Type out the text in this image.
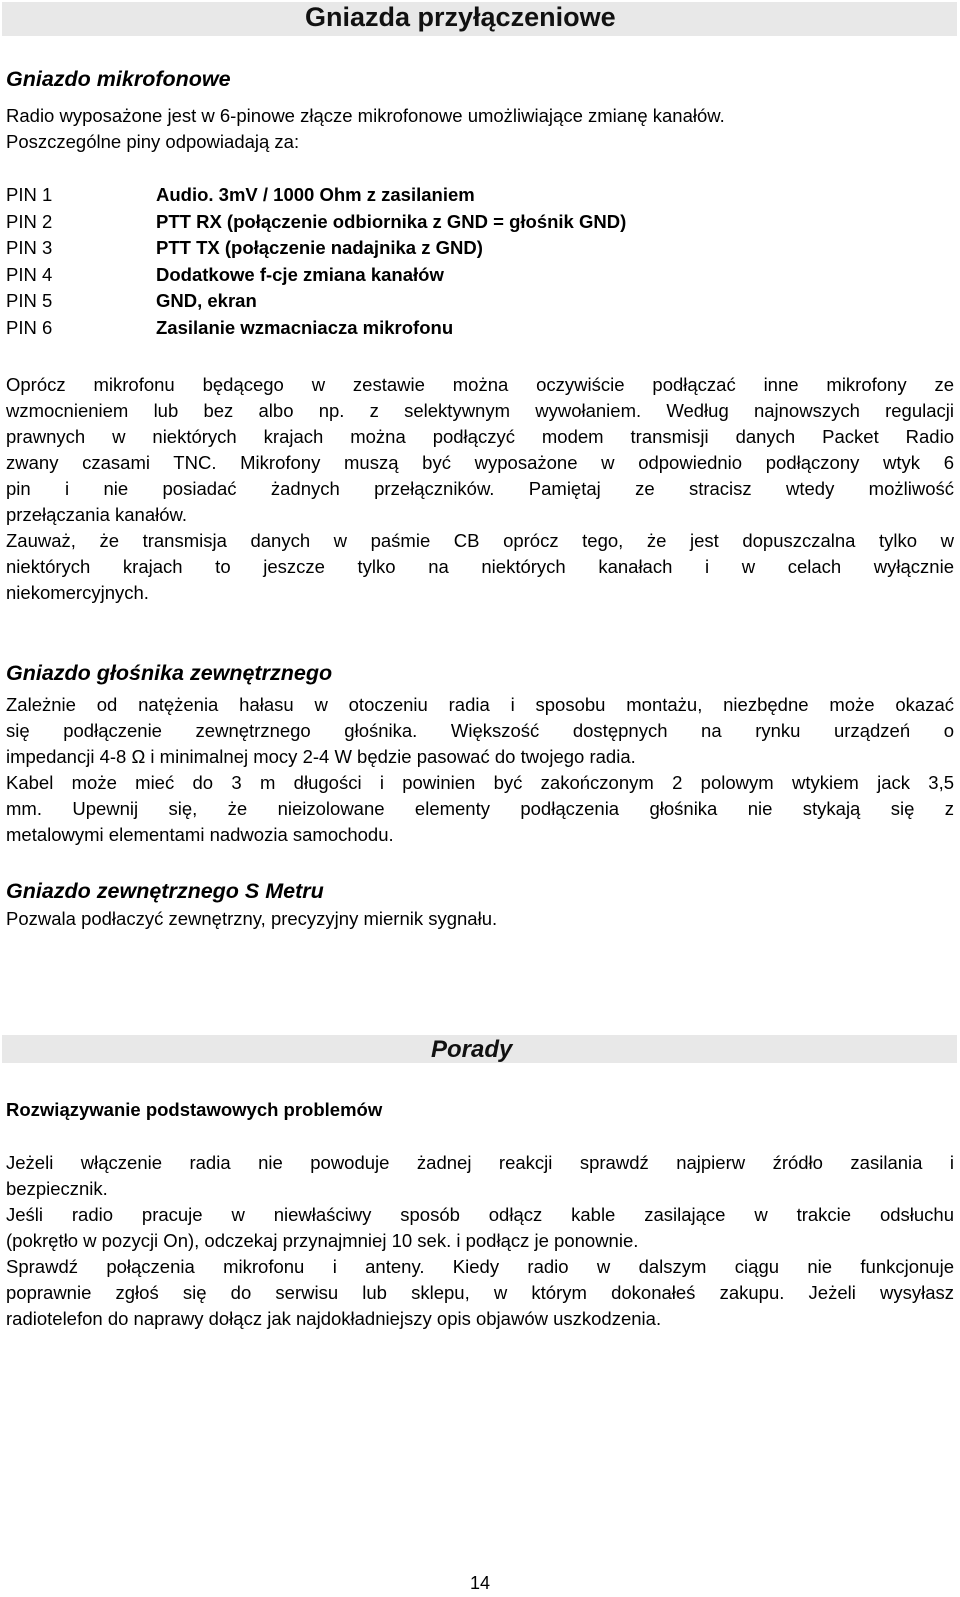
Gniazda przyłączeniowe
Gniazdo mikrofonowe
Radio wyposażone jest w 6-pinowe złącze mikrofonowe umożliwiające zmianę kanałów.
Poszczególne piny odpowiadają za:
PIN 1	Audio. 3mV / 1000 Ohm z zasilaniem
PIN 2	PTT RX (połączenie odbiornika z GND = głośnik GND)
PIN 3	PTT TX (połączenie nadajnika z GND)
PIN 4	Dodatkowe f-cje zmiana kanałów
PIN 5	GND, ekran
PIN 6	Zasilanie wzmacniacza mikrofonu
Oprócz mikrofonu będącego w zestawie można oczywiście podłączać inne mikrofony ze
wzmocnieniem lub bez albo np. z selektywnym wywołaniem. Według najnowszych regulacji
prawnych w niektórych krajach można podłączyć modem transmisji danych Packet Radio
zwany czasami TNC. Mikrofony muszą być wyposażone w odpowiednio podłączony wtyk 6
pin i nie posiadać żadnych przełączników. Pamiętaj ze stracisz wtedy możliwość
przełączania kanałów.
Zauważ, że transmisja danych w paśmie CB oprócz tego, że jest dopuszczalna tylko w
niektórych krajach to jeszcze tylko na niektórych kanałach i w celach wyłącznie
niekomercyjnych.
Gniazdo głośnika zewnętrznego
Zależnie od natężenia hałasu w otoczeniu radia i sposobu montażu, niezbędne może okazać
się podłączenie zewnętrznego głośnika. Większość dostępnych na rynku urządzeń o
impedancji 4-8 Ω i minimalnej mocy 2-4 W będzie pasować do twojego radia.
Kabel może mieć do 3 m długości i powinien być zakończonym 2 polowym wtykiem jack 3,5
mm. Upewnij się, że nieizolowane elementy podłączenia głośnika nie stykają się z
metalowymi elementami nadwozia samochodu.
Gniazdo zewnętrznego S Metru
Pozwala podłaczyć zewnętrzny, precyzyjny miernik sygnału.
Porady
Rozwiązywanie podstawowych problemów
Jeżeli włączenie radia nie powoduje żadnej reakcji sprawdź najpierw źródło zasilania i
bezpiecznik.
Jeśli radio pracuje w niewłaściwy sposób odłącz kable zasilające w trakcie odsłuchu
(pokrętło w pozycji On), odczekaj przynajmniej 10 sek. i podłącz je ponownie.
Sprawdź połączenia mikrofonu i anteny. Kiedy radio w dalszym ciągu nie funkcjonuje
poprawnie zgłoś się do serwisu lub sklepu, w którym dokonałeś zakupu. Jeżeli wysyłasz
radiotelefon do naprawy dołącz jak najdokładniejszy opis objawów uszkodzenia.
14
